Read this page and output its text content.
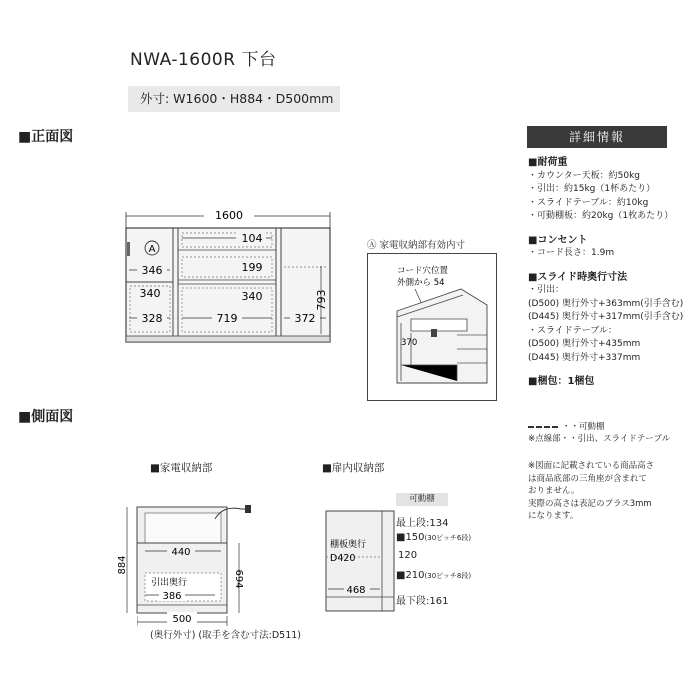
NWA-1600R 下台
外寸: W1600・H884・D500mm
■正面図
■側面図
1600
A
346
340
328
104
199
340
719	372
793
Ⓐ 家電収納部有効内寸
コード穴位置
外側から 54
370
■家電収納部
884
440
引出奥行
386
694
500
(奥行外寸) (取手を含む寸法:D511)
■扉内収納部
可動棚
棚板奥行
D420
468
最上段:134
■150(30ピッチ6段)
120
■210(30ピッチ8段)
最下段:161
詳細情報
■耐荷重
・カウンター天板：約50kg
・引出：約15kg（1杯あたり）
・スライドテーブル：約10kg
・可動棚板：約20kg（1枚あたり）
■コンセント
・コード長さ：1.9m
■スライド時奥行寸法
・引出：
(D500) 奥行外寸+363mm(引手含む)
(D445) 奥行外寸+317mm(引手含む)
・スライドテーブル：
(D500) 奥行外寸+435mm
(D445) 奥行外寸+337mm
■梱包：1梱包
・・可動棚
※点線部・・引出、スライドテーブル
※図面に記載されている商品高さ
は商品底部の三角座が含まれて
おりません。
実際の高さは表記のプラス3mm
になります。
